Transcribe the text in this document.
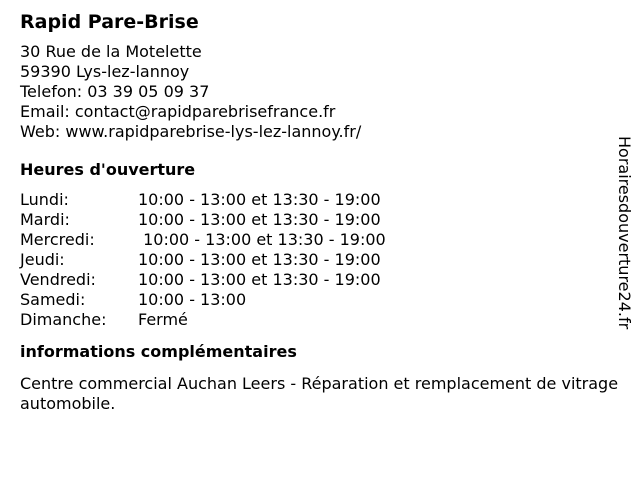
Rapid Pare-Brise
30 Rue de la Motelette
59390 Lys-lez-lannoy
Telefon: 03 39 05 09 37
Email: contact@rapidparebrisefrance.fr
Web: www.rapidparebrise-lys-lez-lannoy.fr/
Heures d'ouverture
Lundi:	10:00 - 13:00 et 13:30 - 19:00
Mardi:	10:00 - 13:00 et 13:30 - 19:00
Mercredi:	10:00 - 13:00 et 13:30 - 19:00
Jeudi:	10:00 - 13:00 et 13:30 - 19:00
Vendredi:	10:00 - 13:00 et 13:30 - 19:00
Samedi:	10:00 - 13:00
Dimanche:	Fermé
informations complémentaires
Centre commercial Auchan Leers - Réparation et remplacement de vitrage automobile.
Horairesdouverture24.fr
